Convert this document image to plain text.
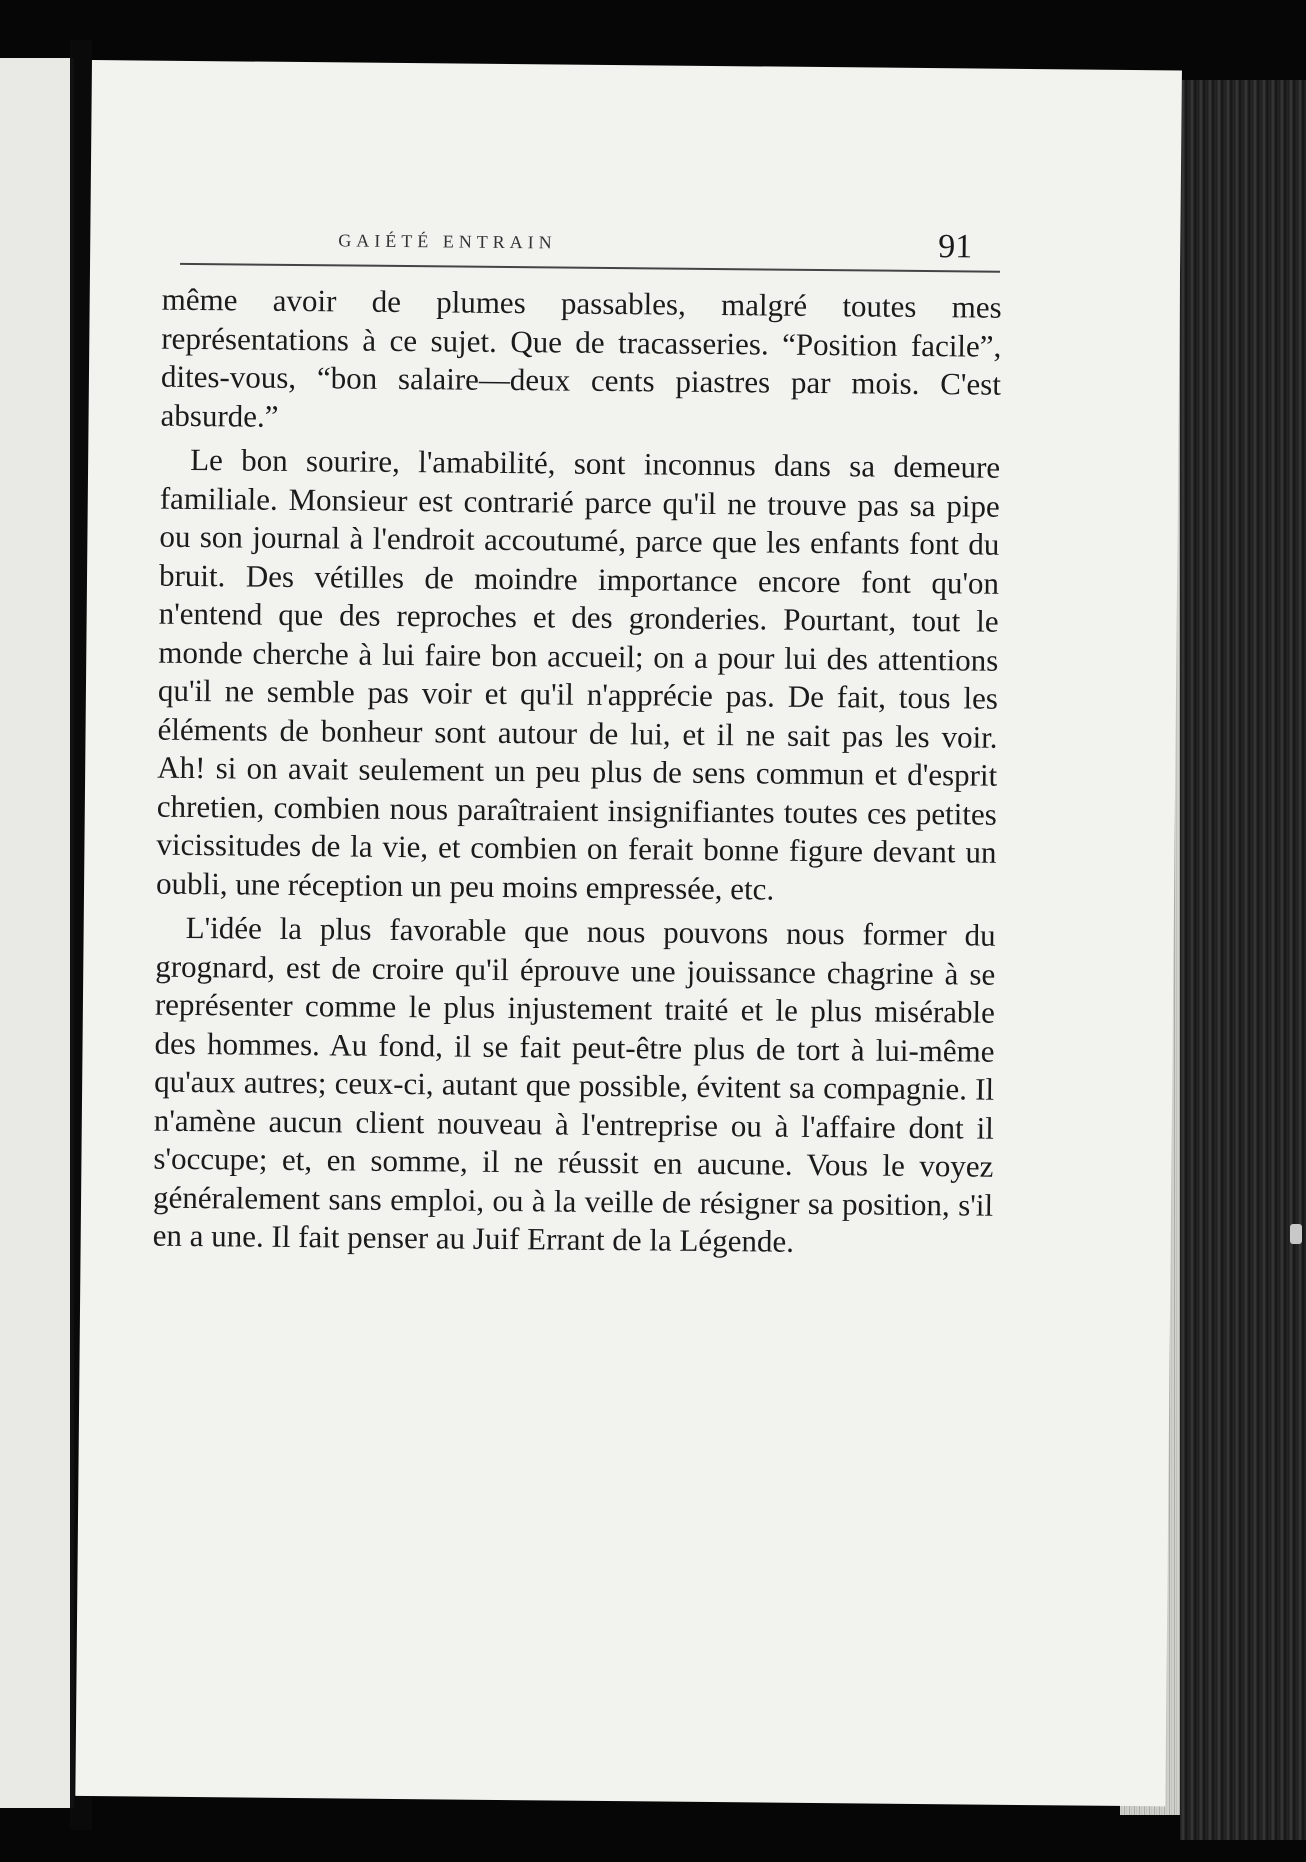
GAIÉTÉ ENTRAIN	91

même avoir de plumes passables, malgré toutes mes représentations à ce sujet. Que de tracasseries. “Position facile”, dites-vous, “bon salaire—deux cents piastres par mois. C'est absurde.”

Le bon sourire, l'amabilité, sont inconnus dans sa demeure familiale. Monsieur est contrarié parce qu'il ne trouve pas sa pipe ou son journal à l'endroit accoutumé, parce que les enfants font du bruit. Des vétilles de moindre importance encore font qu'on n'entend que des reproches et des gronderies. Pourtant, tout le monde cherche à lui faire bon accueil; on a pour lui des attentions qu'il ne semble pas voir et qu'il n'apprécie pas. De fait, tous les éléments de bonheur sont autour de lui, et il ne sait pas les voir. Ah! si on avait seulement un peu plus de sens commun et d'esprit chretien, combien nous paraîtraient insignifiantes toutes ces petites vicissitudes de la vie, et combien on ferait bonne figure devant un oubli, une réception un peu moins empressée, etc.

L'idée la plus favorable que nous pouvons nous former du grognard, est de croire qu'il éprouve une jouissance chagrine à se représenter comme le plus injustement traité et le plus misérable des hommes. Au fond, il se fait peut-être plus de tort à lui-même qu'aux autres; ceux-ci, autant que possible, évitent sa compagnie. Il n'amène aucun client nouveau à l'entreprise ou à l'affaire dont il s'occupe; et, en somme, il ne réussit en aucune. Vous le voyez généralement sans emploi, ou à la veille de résigner sa position, s'il en a une. Il fait penser au Juif Errant de la Légende.
